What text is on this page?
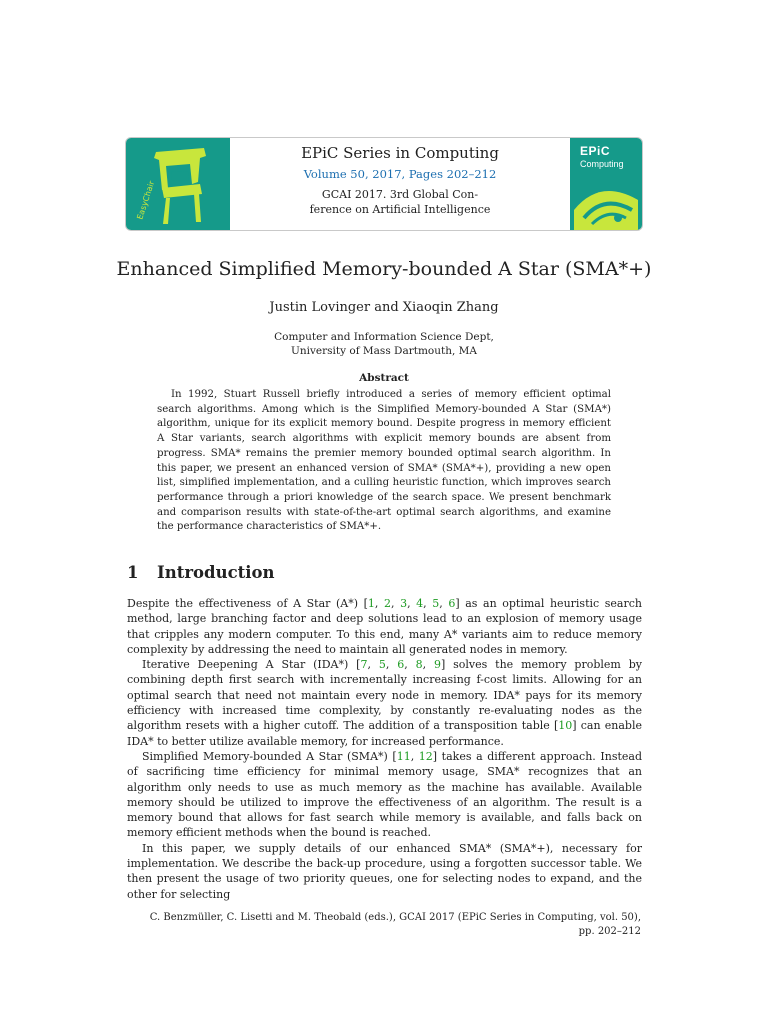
EasyChair
EPiC Series in Computing
Volume 50, 2017, Pages 202–212
GCAI 2017. 3rd Global Con-
ference on Artificial Intelligence
EPiC
Computing
Enhanced Simplified Memory-bounded A Star (SMA*+)
Justin Lovinger and Xiaoqin Zhang
Computer and Information Science Dept,
University of Mass Dartmouth, MA
Abstract
In 1992, Stuart Russell briefly introduced a series of memory efficient optimal search algorithms. Among which is the Simplified Memory-bounded A Star (SMA*) algorithm, unique for its explicit memory bound. Despite progress in memory efficient A Star variants, search algorithms with explicit memory bounds are absent from progress. SMA* remains the premier memory bounded optimal search algorithm. In this paper, we present an enhanced version of SMA* (SMA*+), providing a new open list, simplified implementation, and a culling heuristic function, which improves search performance through a priori knowledge of the search space. We present benchmark and comparison results with state-of-the-art optimal search algorithms, and examine the performance characteristics of SMA*+.
1 Introduction

Despite the effectiveness of A Star (A*) [1, 2, 3, 4, 5, 6] as an optimal heuristic search method, large branching factor and deep solutions lead to an explosion of memory usage that cripples any modern computer. To this end, many A* variants aim to reduce memory complexity by addressing the need to maintain all generated nodes in memory.

Iterative Deepening A Star (IDA*) [7, 5, 6, 8, 9] solves the memory problem by combining depth first search with incrementally increasing f-cost limits. Allowing for an optimal search that need not maintain every node in memory. IDA* pays for its memory efficiency with increased time complexity, by constantly re-evaluating nodes as the algorithm resets with a higher cutoff. The addition of a transposition table [10] can enable IDA* to better utilize available memory, for increased performance.

Simplified Memory-bounded A Star (SMA*) [11, 12] takes a different approach. Instead of sacrificing time efficiency for minimal memory usage, SMA* recognizes that an algorithm only needs to use as much memory as the machine has available. Available memory should be utilized to improve the effectiveness of an algorithm. The result is a memory bound that allows for fast search while memory is available, and falls back on memory efficient methods when the bound is reached.

In this paper, we supply details of our enhanced SMA* (SMA*+), necessary for implementation. We describe the back-up procedure, using a forgotten successor table. We then present the usage of two priority queues, one for selecting nodes to expand, and the other for selecting

C. Benzmüller, C. Lisetti and M. Theobald (eds.), GCAI 2017 (EPiC Series in Computing, vol. 50),
pp. 202–212
